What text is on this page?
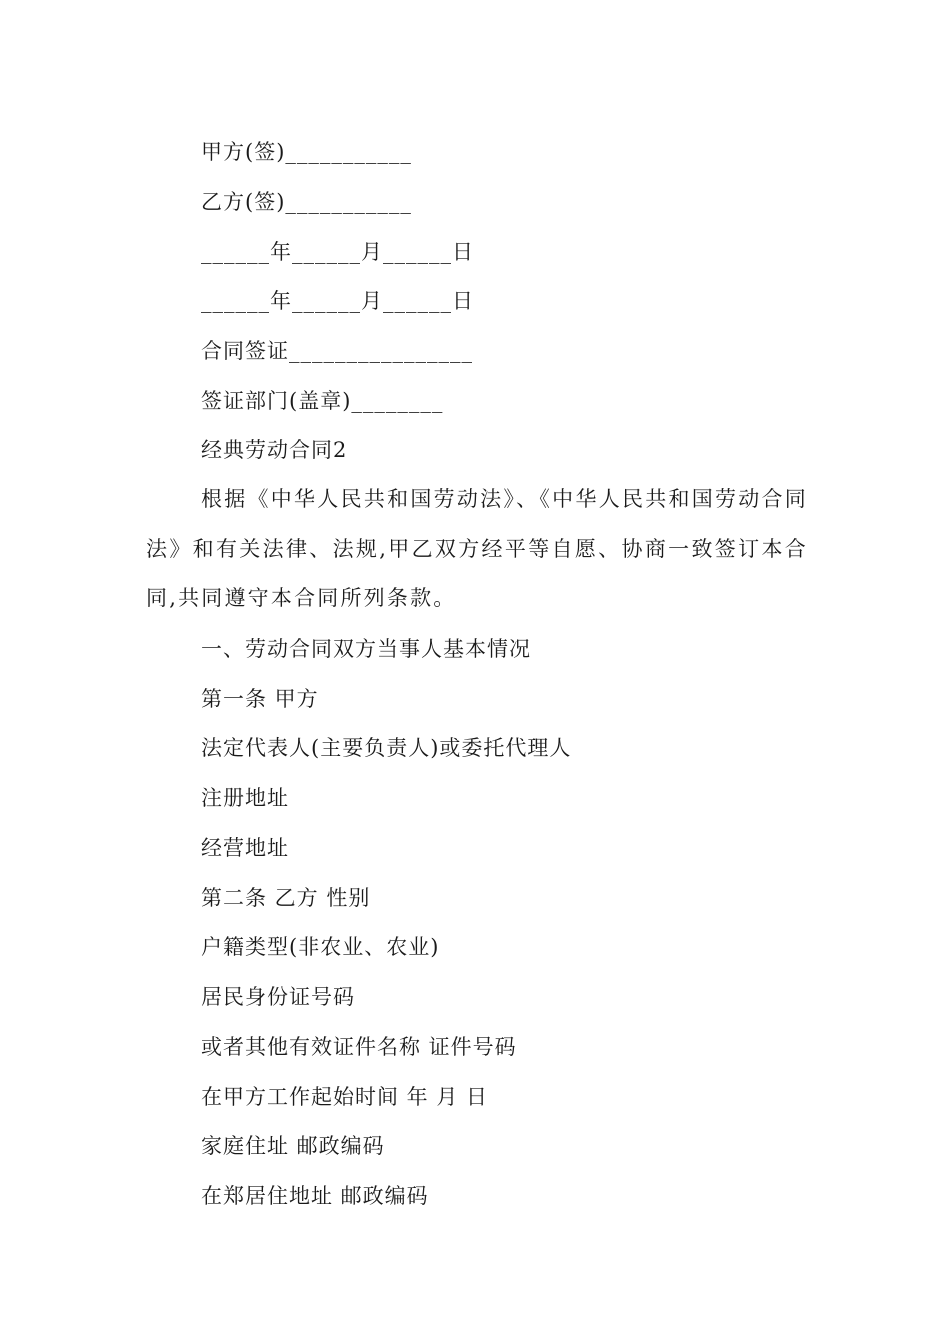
甲方(签)___________
乙方(签)___________
______年______月______日
______年______月______日
合同签证________________
签证部门(盖章)________
经典劳动合同2
根据《中华人民共和国劳动法》、《中华人民共和国劳动合同法》和有关法律、法规,甲乙双方经平等自愿、协商一致签订本合同,共同遵守本合同所列条款。
一、劳动合同双方当事人基本情况
第一条 甲方
法定代表人(主要负责人)或委托代理人
注册地址
经营地址
第二条 乙方 性别
户籍类型(非农业、农业)
居民身份证号码
或者其他有效证件名称 证件号码
在甲方工作起始时间 年 月 日
家庭住址 邮政编码
在郑居住地址 邮政编码
